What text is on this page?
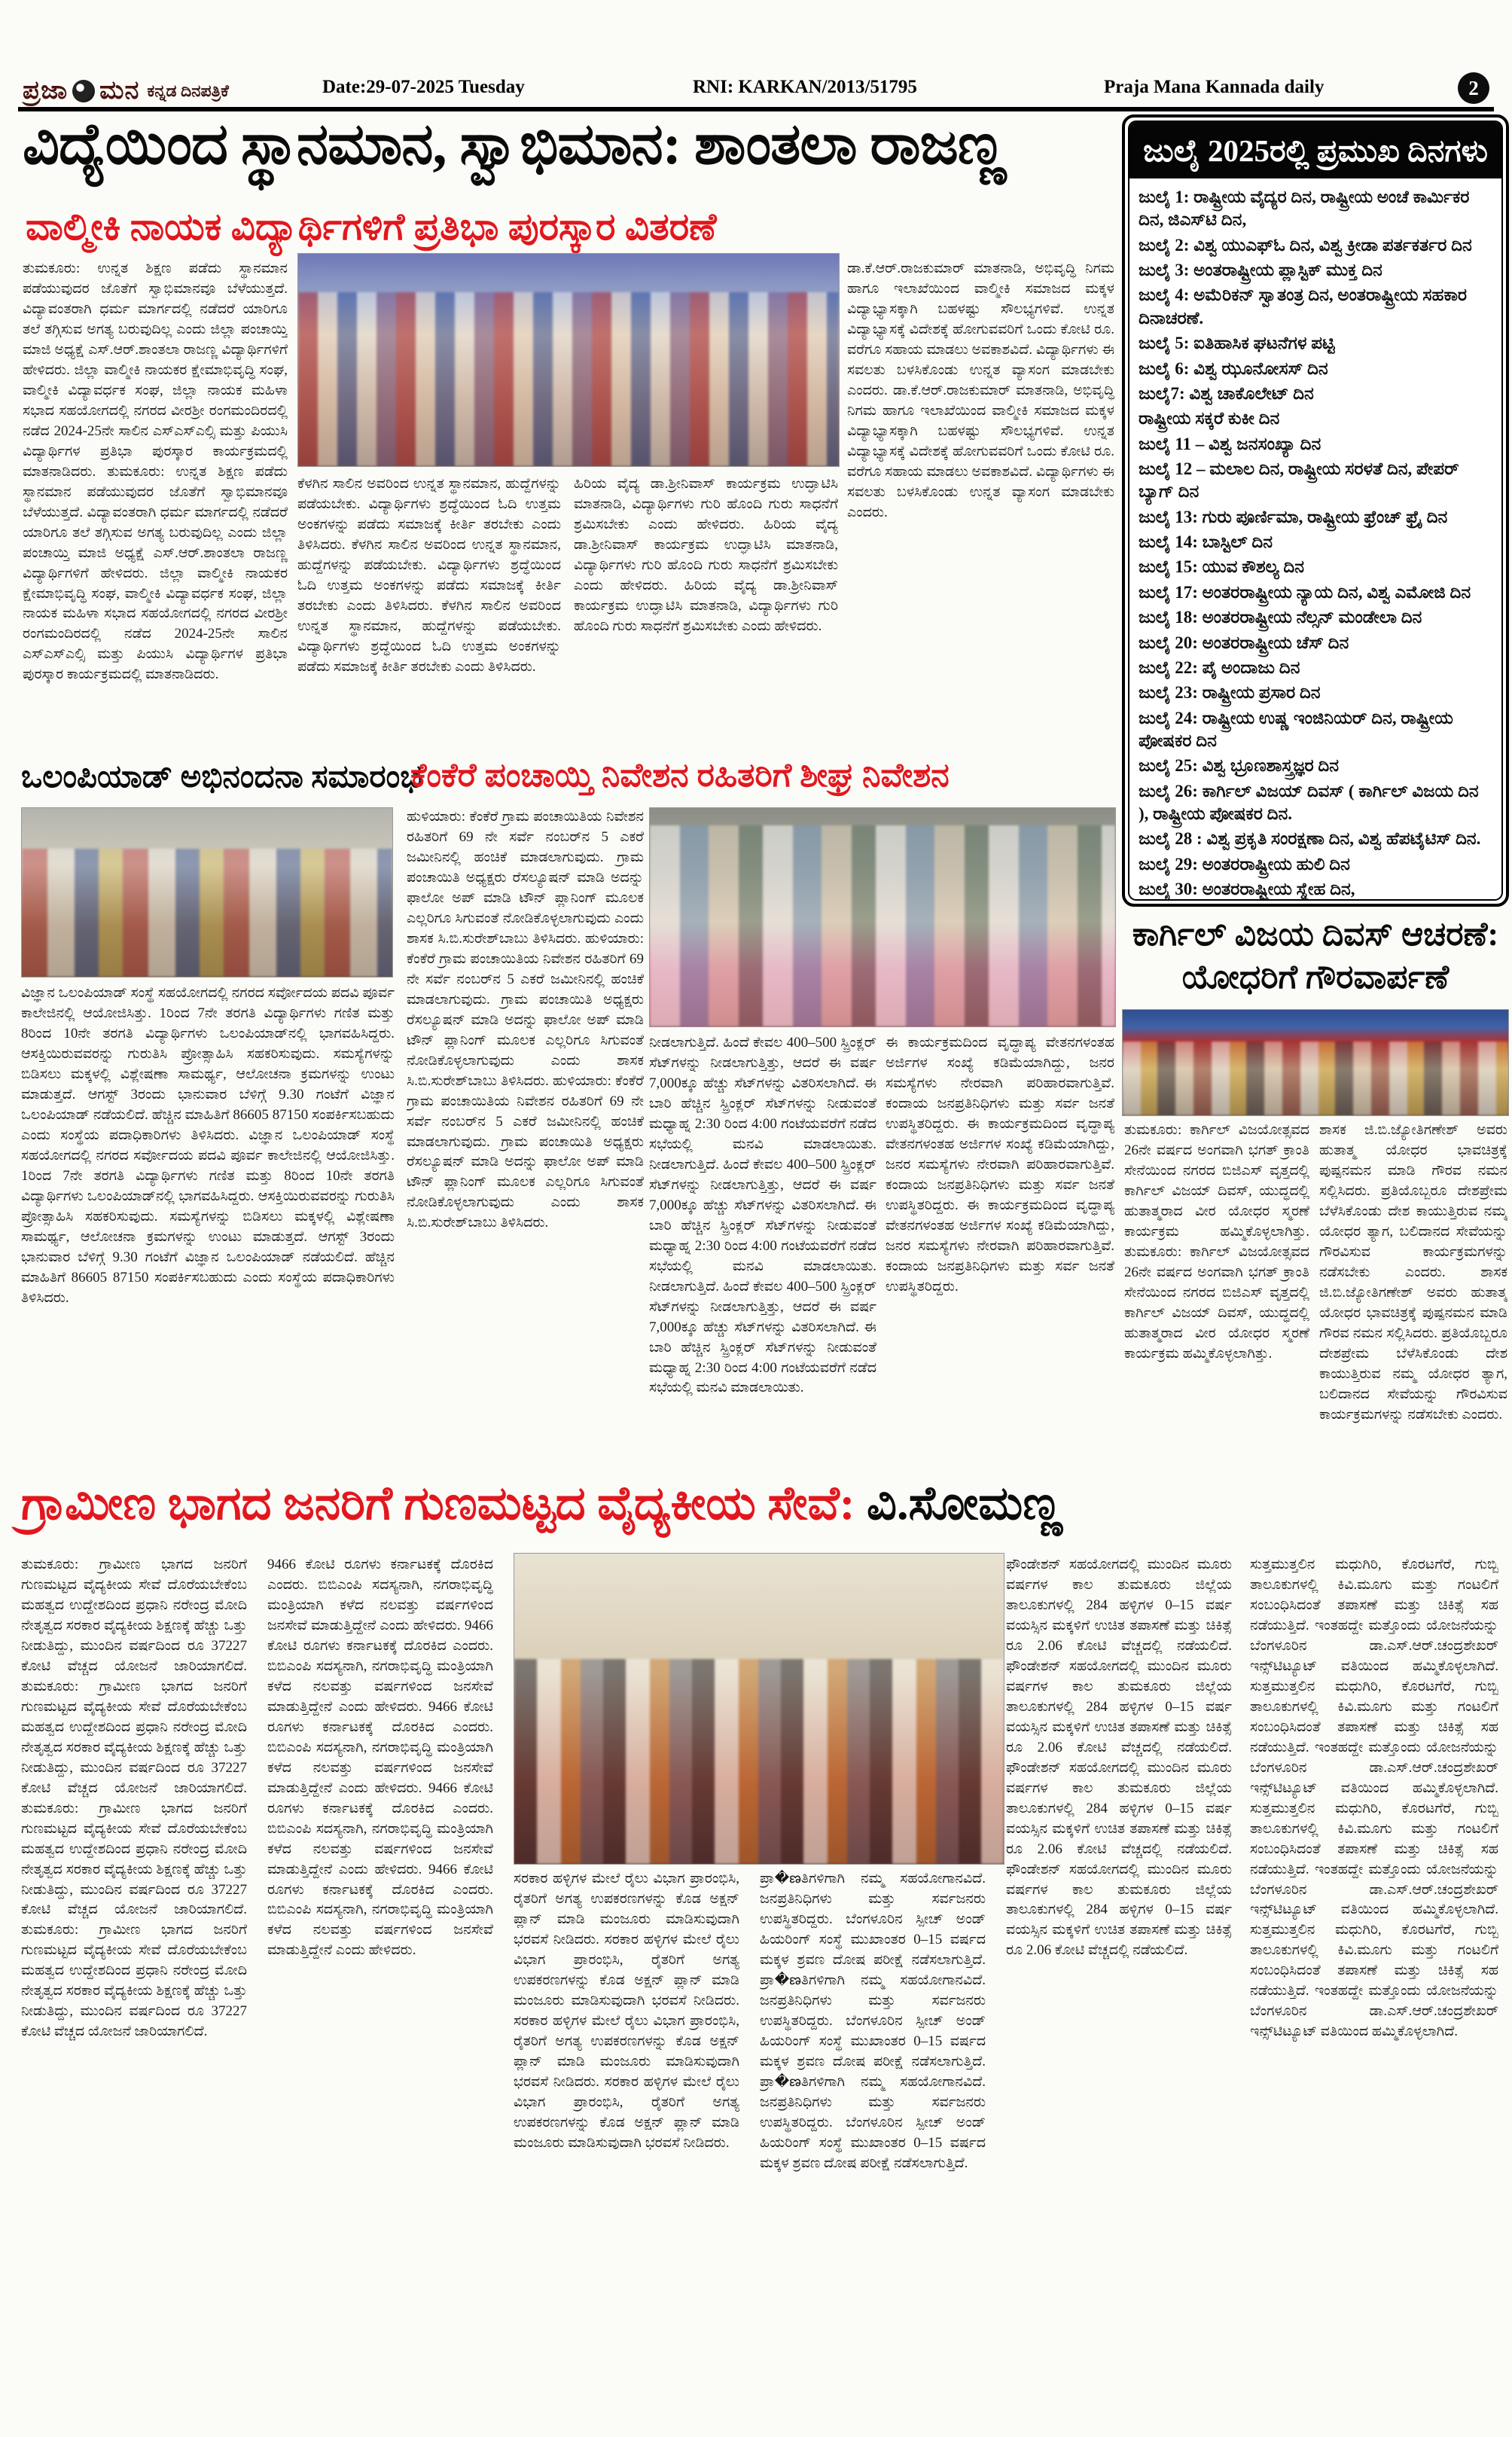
ಪ್ರಜಾ ಮನ ಕನ್ನಡ ದಿನಪತ್ರಿಕೆ	Date:29-07-2025 Tuesday	RNI: KARKAN/2013/51795	Praja Mana Kannada daily	2
ವಿದ್ಯೆಯಿಂದ ಸ್ಥಾನಮಾನ, ಸ್ವಾಭಿಮಾನ: ಶಾಂತಲಾ ರಾಜಣ್ಣ
ವಾಲ್ಮೀಕಿ ನಾಯಕ ವಿದ್ಯಾರ್ಥಿಗಳಿಗೆ ಪ್ರತಿಭಾ ಪುರಸ್ಕಾರ ವಿತರಣೆ
ತುಮಕೂರು: ಉನ್ನತ ಶಿಕ್ಷಣ ಪಡೆದು ಸ್ಥಾನಮಾನ ಪಡೆಯುವುದರ ಜೊತೆಗೆ ಸ್ವಾಭಿಮಾನವೂ ಬೆಳೆಯುತ್ತದೆ. ವಿದ್ಯಾವಂತರಾಗಿ ಧರ್ಮ ಮಾರ್ಗದಲ್ಲಿ ನಡೆದರೆ ಯಾರಿಗೂ ತಲೆ ತಗ್ಗಿಸುವ ಅಗತ್ಯ ಬರುವುದಿಲ್ಲ ಎಂದು ಜಿಲ್ಲಾ ಪಂಚಾಯ್ತಿ ಮಾಜಿ ಅಧ್ಯಕ್ಷೆ ಎಸ್.ಆರ್.ಶಾಂತಲಾ ರಾಜಣ್ಣ ವಿದ್ಯಾರ್ಥಿಗಳಿಗೆ ಹೇಳಿದರು. ಜಿಲ್ಲಾ ವಾಲ್ಮೀಕಿ ನಾಯಕರ ಕ್ಷೇಮಾಭಿವೃದ್ಧಿ ಸಂಘ, ವಾಲ್ಮೀಕಿ ವಿದ್ಯಾವರ್ಧಕ ಸಂಘ, ಜಿಲ್ಲಾ ನಾಯಕ ಮಹಿಳಾ ಸಭಾದ ಸಹಯೋಗದಲ್ಲಿ ನಗರದ ವೀರಶ್ರೀ ರಂಗಮಂದಿರದಲ್ಲಿ ನಡೆದ 2024-25ನೇ ಸಾಲಿನ ಎಸ್ಎಸ್ಎಲ್ಸಿ ಮತ್ತು ಪಿಯುಸಿ ವಿದ್ಯಾರ್ಥಿಗಳ ಪ್ರತಿಭಾ ಪುರಸ್ಕಾರ ಕಾರ್ಯಕ್ರಮದಲ್ಲಿ ಮಾತನಾಡಿದರು. ತುಮಕೂರು: ಉನ್ನತ ಶಿಕ್ಷಣ ಪಡೆದು ಸ್ಥಾನಮಾನ ಪಡೆಯುವುದರ ಜೊತೆಗೆ ಸ್ವಾಭಿಮಾನವೂ ಬೆಳೆಯುತ್ತದೆ. ವಿದ್ಯಾವಂತರಾಗಿ ಧರ್ಮ ಮಾರ್ಗದಲ್ಲಿ ನಡೆದರೆ ಯಾರಿಗೂ ತಲೆ ತಗ್ಗಿಸುವ ಅಗತ್ಯ ಬರುವುದಿಲ್ಲ ಎಂದು ಜಿಲ್ಲಾ ಪಂಚಾಯ್ತಿ ಮಾಜಿ ಅಧ್ಯಕ್ಷೆ ಎಸ್.ಆರ್.ಶಾಂತಲಾ ರಾಜಣ್ಣ ವಿದ್ಯಾರ್ಥಿಗಳಿಗೆ ಹೇಳಿದರು. ಜಿಲ್ಲಾ ವಾಲ್ಮೀಕಿ ನಾಯಕರ ಕ್ಷೇಮಾಭಿವೃದ್ಧಿ ಸಂಘ, ವಾಲ್ಮೀಕಿ ವಿದ್ಯಾವರ್ಧಕ ಸಂಘ, ಜಿಲ್ಲಾ ನಾಯಕ ಮಹಿಳಾ ಸಭಾದ ಸಹಯೋಗದಲ್ಲಿ ನಗರದ ವೀರಶ್ರೀ ರಂಗಮಂದಿರದಲ್ಲಿ ನಡೆದ 2024-25ನೇ ಸಾಲಿನ ಎಸ್ಎಸ್ಎಲ್ಸಿ ಮತ್ತು ಪಿಯುಸಿ ವಿದ್ಯಾರ್ಥಿಗಳ ಪ್ರತಿಭಾ ಪುರಸ್ಕಾರ ಕಾರ್ಯಕ್ರಮದಲ್ಲಿ ಮಾತನಾಡಿದರು.
ಕೆಳಗಿನ ಸಾಲಿನ ಅವರಿಂದ ಉನ್ನತ ಸ್ಥಾನಮಾನ, ಹುದ್ದೆಗಳನ್ನು ಪಡೆಯಬೇಕು. ವಿದ್ಯಾರ್ಥಿಗಳು ಶ್ರದ್ಧೆಯಿಂದ ಓದಿ ಉತ್ತಮ ಅಂಕಗಳನ್ನು ಪಡೆದು ಸಮಾಜಕ್ಕೆ ಕೀರ್ತಿ ತರಬೇಕು ಎಂದು ತಿಳಿಸಿದರು. ಕೆಳಗಿನ ಸಾಲಿನ ಅವರಿಂದ ಉನ್ನತ ಸ್ಥಾನಮಾನ, ಹುದ್ದೆಗಳನ್ನು ಪಡೆಯಬೇಕು. ವಿದ್ಯಾರ್ಥಿಗಳು ಶ್ರದ್ಧೆಯಿಂದ ಓದಿ ಉತ್ತಮ ಅಂಕಗಳನ್ನು ಪಡೆದು ಸಮಾಜಕ್ಕೆ ಕೀರ್ತಿ ತರಬೇಕು ಎಂದು ತಿಳಿಸಿದರು. ಕೆಳಗಿನ ಸಾಲಿನ ಅವರಿಂದ ಉನ್ನತ ಸ್ಥಾನಮಾನ, ಹುದ್ದೆಗಳನ್ನು ಪಡೆಯಬೇಕು. ವಿದ್ಯಾರ್ಥಿಗಳು ಶ್ರದ್ಧೆಯಿಂದ ಓದಿ ಉತ್ತಮ ಅಂಕಗಳನ್ನು ಪಡೆದು ಸಮಾಜಕ್ಕೆ ಕೀರ್ತಿ ತರಬೇಕು ಎಂದು ತಿಳಿಸಿದರು.
ಹಿರಿಯ ವೈದ್ಯ ಡಾ.ಶ್ರೀನಿವಾಸ್ ಕಾರ್ಯಕ್ರಮ ಉದ್ಘಾಟಿಸಿ ಮಾತನಾಡಿ, ವಿದ್ಯಾರ್ಥಿಗಳು ಗುರಿ ಹೊಂದಿ ಗುರು ಸಾಧನೆಗೆ ಶ್ರಮಿಸಬೇಕು ಎಂದು ಹೇಳಿದರು. ಹಿರಿಯ ವೈದ್ಯ ಡಾ.ಶ್ರೀನಿವಾಸ್ ಕಾರ್ಯಕ್ರಮ ಉದ್ಘಾಟಿಸಿ ಮಾತನಾಡಿ, ವಿದ್ಯಾರ್ಥಿಗಳು ಗುರಿ ಹೊಂದಿ ಗುರು ಸಾಧನೆಗೆ ಶ್ರಮಿಸಬೇಕು ಎಂದು ಹೇಳಿದರು. ಹಿರಿಯ ವೈದ್ಯ ಡಾ.ಶ್ರೀನಿವಾಸ್ ಕಾರ್ಯಕ್ರಮ ಉದ್ಘಾಟಿಸಿ ಮಾತನಾಡಿ, ವಿದ್ಯಾರ್ಥಿಗಳು ಗುರಿ ಹೊಂದಿ ಗುರು ಸಾಧನೆಗೆ ಶ್ರಮಿಸಬೇಕು ಎಂದು ಹೇಳಿದರು.
ಡಾ.ಕೆ.ಆರ್.ರಾಜಕುಮಾರ್ ಮಾತನಾಡಿ, ಅಭಿವೃದ್ಧಿ ನಿಗಮ ಹಾಗೂ ಇಲಾಖೆಯಿಂದ ವಾಲ್ಮೀಕಿ ಸಮಾಜದ ಮಕ್ಕಳ ವಿದ್ಯಾಭ್ಯಾಸಕ್ಕಾಗಿ ಬಹಳಷ್ಟು ಸೌಲಭ್ಯಗಳಿವೆ. ಉನ್ನತ ವಿದ್ಯಾಭ್ಯಾಸಕ್ಕೆ ವಿದೇಶಕ್ಕೆ ಹೋಗುವವರಿಗೆ ಒಂದು ಕೋಟಿ ರೂ. ವರೆಗೂ ಸಹಾಯ ಮಾಡಲು ಅವಕಾಶವಿದೆ. ವಿದ್ಯಾರ್ಥಿಗಳು ಈ ಸವಲತು ಬಳಸಿಕೊಂಡು ಉನ್ನತ ವ್ಯಾಸಂಗ ಮಾಡಬೇಕು ಎಂದರು. ಡಾ.ಕೆ.ಆರ್.ರಾಜಕುಮಾರ್ ಮಾತನಾಡಿ, ಅಭಿವೃದ್ಧಿ ನಿಗಮ ಹಾಗೂ ಇಲಾಖೆಯಿಂದ ವಾಲ್ಮೀಕಿ ಸಮಾಜದ ಮಕ್ಕಳ ವಿದ್ಯಾಭ್ಯಾಸಕ್ಕಾಗಿ ಬಹಳಷ್ಟು ಸೌಲಭ್ಯಗಳಿವೆ. ಉನ್ನತ ವಿದ್ಯಾಭ್ಯಾಸಕ್ಕೆ ವಿದೇಶಕ್ಕೆ ಹೋಗುವವರಿಗೆ ಒಂದು ಕೋಟಿ ರೂ. ವರೆಗೂ ಸಹಾಯ ಮಾಡಲು ಅವಕಾಶವಿದೆ. ವಿದ್ಯಾರ್ಥಿಗಳು ಈ ಸವಲತು ಬಳಸಿಕೊಂಡು ಉನ್ನತ ವ್ಯಾಸಂಗ ಮಾಡಬೇಕು ಎಂದರು.
ಜುಲೈ 2025ರಲ್ಲಿ ಪ್ರಮುಖ ದಿನಗಳು
ಜುಲೈ 1: ರಾಷ್ಟ್ರೀಯ ವೈದ್ಯರ ದಿನ, ರಾಷ್ಟ್ರೀಯ ಅಂಚೆ ಕಾರ್ಮಿಕರ ದಿನ, ಜಿಎಸ್‌ಟಿ ದಿನ,
ಜುಲೈ 2: ವಿಶ್ವ ಯುಎಫ್ಓ ದಿನ, ವಿಶ್ವ ಕ್ರೀಡಾ ಪರ್ತಕರ್ತರ ದಿನ
ಜುಲೈ 3: ಅಂತರಾಷ್ಟ್ರೀಯ ಪ್ಲಾಸ್ಟಿಕ್ ಮುಕ್ತ ದಿನ
ಜುಲೈ 4: ಅಮೆರಿಕನ್ ಸ್ವಾತಂತ್ರ ದಿನ, ಅಂತರಾಷ್ಟ್ರೀಯ ಸಹಕಾರ ದಿನಾಚರಣೆ.
ಜುಲೈ 5: ಐತಿಹಾಸಿಕ ಘಟನೆಗಳ ಪಟ್ಟಿ
ಜುಲೈ 6: ವಿಶ್ವ ಝೂನೋಸಸ್ ದಿನ
ಜುಲೈ7: ವಿಶ್ವ ಚಾಕೊಲೇಟ್ ದಿನ
ರಾಷ್ಟ್ರೀಯ ಸಕ್ಕರೆ ಕುಕೀ ದಿನ
ಜುಲೈ 11 – ವಿಶ್ವ ಜನಸಂಖ್ಯಾ ದಿನ
ಜುಲೈ 12 – ಮಲಾಲ ದಿನ, ರಾಷ್ಟ್ರೀಯ ಸರಳತೆ ದಿನ, ಪೇಪರ್ ಬ್ಯಾಗ್ ದಿನ
ಜುಲೈ 13: ಗುರು ಪೂರ್ಣಿಮಾ, ರಾಷ್ಟ್ರೀಯ ಫ್ರೆಂಚ್ ಫ್ರೈ ದಿನ
ಜುಲೈ 14: ಬಾಸ್ಟಿಲ್ ದಿನ
ಜುಲೈ 15: ಯುವ ಕೌಶಲ್ಯ ದಿನ
ಜುಲೈ 17: ಅಂತರರಾಷ್ಟ್ರೀಯ ನ್ಯಾಯ ದಿನ, ವಿಶ್ವ ಎಮೋಜಿ ದಿನ
ಜುಲೈ 18: ಅಂತರರಾಷ್ಟ್ರೀಯ ನೆಲ್ಸನ್ ಮಂಡೇಲಾ ದಿನ
ಜುಲೈ 20: ಅಂತರರಾಷ್ಟ್ರೀಯ ಚೆಸ್ ದಿನ
ಜುಲೈ 22: ಪೈ ಅಂದಾಜು ದಿನ
ಜುಲೈ 23: ರಾಷ್ಟ್ರೀಯ ಪ್ರಸಾರ ದಿನ
ಜುಲೈ 24: ರಾಷ್ಟ್ರೀಯ ಉಷ್ಣ ಇಂಜಿನಿಯರ್ ದಿನ, ರಾಷ್ಟ್ರೀಯ ಪೋಷಕರ ದಿನ
ಜುಲೈ 25: ವಿಶ್ವ ಭ್ರೂಣಶಾಸ್ತ್ರಜ್ಞರ ದಿನ
ಜುಲೈ 26: ಕಾರ್ಗಿಲ್ ವಿಜಯ್ ದಿವಸ್ ( ಕಾರ್ಗಿಲ್ ವಿಜಯ ದಿನ ), ರಾಷ್ಟ್ರೀಯ ಪೋಷಕರ ದಿನ.
ಜುಲೈ 28 : ವಿಶ್ವ ಪ್ರಕೃತಿ ಸಂರಕ್ಷಣಾ ದಿನ, ವಿಶ್ವ ಹೆಪಟೈಟಿಸ್ ದಿನ.
ಜುಲೈ 29: ಅಂತರರಾಷ್ಟ್ರೀಯ ಹುಲಿ ದಿನ
ಜುಲೈ 30: ಅಂತರರಾಷ್ಟ್ರೀಯ ಸ್ನೇಹ ದಿನ,
ಒಲಂಪಿಯಾಡ್ ಅಭಿನಂದನಾ ಸಮಾರಂಭ
ವಿಜ್ಞಾನ ಒಲಂಪಿಯಾಡ್ ಸಂಸ್ಥೆ ಸಹಯೋಗದಲ್ಲಿ ನಗರದ ಸರ್ವೋದಯ ಪದವಿ ಪೂರ್ವ ಕಾಲೇಜಿನಲ್ಲಿ ಆಯೋಜಿಸಿತ್ತು. 1ರಿಂದ 7ನೇ ತರಗತಿ ವಿದ್ಯಾರ್ಥಿಗಳು ಗಣಿತ ಮತ್ತು 8ರಿಂದ 10ನೇ ತರಗತಿ ವಿದ್ಯಾರ್ಥಿಗಳು ಒಲಂಪಿಯಾಡ್‌ನಲ್ಲಿ ಭಾಗವಹಿಸಿದ್ದರು. ಆಸಕ್ತಿಯಿರುವವರನ್ನು ಗುರುತಿಸಿ ಪ್ರೋತ್ಸಾಹಿಸಿ ಸಹಕರಿಸುವುದು. ಸಮಸ್ಯೆಗಳನ್ನು ಬಿಡಿಸಲು ಮಕ್ಕಳಲ್ಲಿ ವಿಶ್ಲೇಷಣಾ ಸಾಮರ್ಥ್ಯ, ಆಲೋಚನಾ ಕ್ರಮಗಳನ್ನು ಉಂಟು ಮಾಡುತ್ತದೆ. ಆಗಸ್ಟ್ 3ರಂದು ಭಾನುವಾರ ಬೆಳಿಗ್ಗೆ 9.30 ಗಂಟೆಗೆ ವಿಜ್ಞಾನ ಒಲಂಪಿಯಾಡ್ ನಡೆಯಲಿದೆ. ಹೆಚ್ಚಿನ ಮಾಹಿತಿಗೆ 86605 87150 ಸಂಪರ್ಕಿಸಬಹುದು ಎಂದು ಸಂಸ್ಥೆಯ ಪದಾಧಿಕಾರಿಗಳು ತಿಳಿಸಿದರು. ವಿಜ್ಞಾನ ಒಲಂಪಿಯಾಡ್ ಸಂಸ್ಥೆ ಸಹಯೋಗದಲ್ಲಿ ನಗರದ ಸರ್ವೋದಯ ಪದವಿ ಪೂರ್ವ ಕಾಲೇಜಿನಲ್ಲಿ ಆಯೋಜಿಸಿತ್ತು. 1ರಿಂದ 7ನೇ ತರಗತಿ ವಿದ್ಯಾರ್ಥಿಗಳು ಗಣಿತ ಮತ್ತು 8ರಿಂದ 10ನೇ ತರಗತಿ ವಿದ್ಯಾರ್ಥಿಗಳು ಒಲಂಪಿಯಾಡ್‌ನಲ್ಲಿ ಭಾಗವಹಿಸಿದ್ದರು. ಆಸಕ್ತಿಯಿರುವವರನ್ನು ಗುರುತಿಸಿ ಪ್ರೋತ್ಸಾಹಿಸಿ ಸಹಕರಿಸುವುದು. ಸಮಸ್ಯೆಗಳನ್ನು ಬಿಡಿಸಲು ಮಕ್ಕಳಲ್ಲಿ ವಿಶ್ಲೇಷಣಾ ಸಾಮರ್ಥ್ಯ, ಆಲೋಚನಾ ಕ್ರಮಗಳನ್ನು ಉಂಟು ಮಾಡುತ್ತದೆ. ಆಗಸ್ಟ್ 3ರಂದು ಭಾನುವಾರ ಬೆಳಿಗ್ಗೆ 9.30 ಗಂಟೆಗೆ ವಿಜ್ಞಾನ ಒಲಂಪಿಯಾಡ್ ನಡೆಯಲಿದೆ. ಹೆಚ್ಚಿನ ಮಾಹಿತಿಗೆ 86605 87150 ಸಂಪರ್ಕಿಸಬಹುದು ಎಂದು ಸಂಸ್ಥೆಯ ಪದಾಧಿಕಾರಿಗಳು ತಿಳಿಸಿದರು.
ಕೆಂಕೆರೆ ಪಂಚಾಯ್ತಿ ನಿವೇಶನ ರಹಿತರಿಗೆ ಶೀಘ್ರ ನಿವೇಶನ
ಹುಳಿಯಾರು: ಕೆಂಕೆರೆ ಗ್ರಾಮ ಪಂಚಾಯಿತಿಯ ನಿವೇಶನ ರಹಿತರಿಗೆ 69 ನೇ ಸರ್ವೆ ನಂಬರ್‌ನ 5 ಎಕರೆ ಜಮೀನಿನಲ್ಲಿ ಹಂಚಿಕೆ ಮಾಡಲಾಗುವುದು. ಗ್ರಾಮ ಪಂಚಾಯಿತಿ ಅಧ್ಯಕ್ಷರು ರೆಸಲ್ಯೂಷನ್ ಮಾಡಿ ಅದನ್ನು ಫಾಲೋ ಅಪ್ ಮಾಡಿ ಟೌನ್ ಪ್ಲಾನಿಂಗ್ ಮೂಲಕ ಎಲ್ಲರಿಗೂ ಸಿಗುವಂತೆ ನೋಡಿಕೊಳ್ಳಲಾಗುವುದು ಎಂದು ಶಾಸಕ ಸಿ.ಬಿ.ಸುರೇಶ್‌ಬಾಬು ತಿಳಿಸಿದರು. ಹುಳಿಯಾರು: ಕೆಂಕೆರೆ ಗ್ರಾಮ ಪಂಚಾಯಿತಿಯ ನಿವೇಶನ ರಹಿತರಿಗೆ 69 ನೇ ಸರ್ವೆ ನಂಬರ್‌ನ 5 ಎಕರೆ ಜಮೀನಿನಲ್ಲಿ ಹಂಚಿಕೆ ಮಾಡಲಾಗುವುದು. ಗ್ರಾಮ ಪಂಚಾಯಿತಿ ಅಧ್ಯಕ್ಷರು ರೆಸಲ್ಯೂಷನ್ ಮಾಡಿ ಅದನ್ನು ಫಾಲೋ ಅಪ್ ಮಾಡಿ ಟೌನ್ ಪ್ಲಾನಿಂಗ್ ಮೂಲಕ ಎಲ್ಲರಿಗೂ ಸಿಗುವಂತೆ ನೋಡಿಕೊಳ್ಳಲಾಗುವುದು ಎಂದು ಶಾಸಕ ಸಿ.ಬಿ.ಸುರೇಶ್‌ಬಾಬು ತಿಳಿಸಿದರು. ಹುಳಿಯಾರು: ಕೆಂಕೆರೆ ಗ್ರಾಮ ಪಂಚಾಯಿತಿಯ ನಿವೇಶನ ರಹಿತರಿಗೆ 69 ನೇ ಸರ್ವೆ ನಂಬರ್‌ನ 5 ಎಕರೆ ಜಮೀನಿನಲ್ಲಿ ಹಂಚಿಕೆ ಮಾಡಲಾಗುವುದು. ಗ್ರಾಮ ಪಂಚಾಯಿತಿ ಅಧ್ಯಕ್ಷರು ರೆಸಲ್ಯೂಷನ್ ಮಾಡಿ ಅದನ್ನು ಫಾಲೋ ಅಪ್ ಮಾಡಿ ಟೌನ್ ಪ್ಲಾನಿಂಗ್ ಮೂಲಕ ಎಲ್ಲರಿಗೂ ಸಿಗುವಂತೆ ನೋಡಿಕೊಳ್ಳಲಾಗುವುದು ಎಂದು ಶಾಸಕ ಸಿ.ಬಿ.ಸುರೇಶ್‌ಬಾಬು ತಿಳಿಸಿದರು.
ನೀಡಲಾಗುತ್ತಿದೆ. ಹಿಂದೆ ಕೇವಲ 400–500 ಸ್ಪ್ರಿಂಕ್ಲರ್ ಸೆಟ್‌ಗಳನ್ನು ನೀಡಲಾಗುತ್ತಿತ್ತು, ಆದರೆ ಈ ವರ್ಷ 7,000ಕ್ಕೂ ಹೆಚ್ಚು ಸೆಟ್‌ಗಳನ್ನು ವಿತರಿಸಲಾಗಿದೆ. ಈ ಬಾರಿ ಹೆಚ್ಚಿನ ಸ್ಪ್ರಿಂಕ್ಲರ್ ಸೆಟ್‌ಗಳನ್ನು ನೀಡುವಂತೆ ಮಧ್ಯಾಹ್ನ 2:30 ರಿಂದ 4:00 ಗಂಟೆಯವರೆಗೆ ನಡೆದ ಸಭೆಯಲ್ಲಿ ಮನವಿ ಮಾಡಲಾಯಿತು. ನೀಡಲಾಗುತ್ತಿದೆ. ಹಿಂದೆ ಕೇವಲ 400–500 ಸ್ಪ್ರಿಂಕ್ಲರ್ ಸೆಟ್‌ಗಳನ್ನು ನೀಡಲಾಗುತ್ತಿತ್ತು, ಆದರೆ ಈ ವರ್ಷ 7,000ಕ್ಕೂ ಹೆಚ್ಚು ಸೆಟ್‌ಗಳನ್ನು ವಿತರಿಸಲಾಗಿದೆ. ಈ ಬಾರಿ ಹೆಚ್ಚಿನ ಸ್ಪ್ರಿಂಕ್ಲರ್ ಸೆಟ್‌ಗಳನ್ನು ನೀಡುವಂತೆ ಮಧ್ಯಾಹ್ನ 2:30 ರಿಂದ 4:00 ಗಂಟೆಯವರೆಗೆ ನಡೆದ ಸಭೆಯಲ್ಲಿ ಮನವಿ ಮಾಡಲಾಯಿತು. ನೀಡಲಾಗುತ್ತಿದೆ. ಹಿಂದೆ ಕೇವಲ 400–500 ಸ್ಪ್ರಿಂಕ್ಲರ್ ಸೆಟ್‌ಗಳನ್ನು ನೀಡಲಾಗುತ್ತಿತ್ತು, ಆದರೆ ಈ ವರ್ಷ 7,000ಕ್ಕೂ ಹೆಚ್ಚು ಸೆಟ್‌ಗಳನ್ನು ವಿತರಿಸಲಾಗಿದೆ. ಈ ಬಾರಿ ಹೆಚ್ಚಿನ ಸ್ಪ್ರಿಂಕ್ಲರ್ ಸೆಟ್‌ಗಳನ್ನು ನೀಡುವಂತೆ ಮಧ್ಯಾಹ್ನ 2:30 ರಿಂದ 4:00 ಗಂಟೆಯವರೆಗೆ ನಡೆದ ಸಭೆಯಲ್ಲಿ ಮನವಿ ಮಾಡಲಾಯಿತು.
ಈ ಕಾರ್ಯಕ್ರಮದಿಂದ ವೃದ್ಧಾಪ್ಯ ವೇತನಗಳಂತಹ ಅರ್ಜಿಗಳ ಸಂಖ್ಯೆ ಕಡಿಮೆಯಾಗಿದ್ದು, ಜನರ ಸಮಸ್ಯೆಗಳು ನೇರವಾಗಿ ಪರಿಹಾರವಾಗುತ್ತಿವೆ. ಕಂದಾಯ ಜನಪ್ರತಿನಿಧಿಗಳು ಮತ್ತು ಸರ್ವ ಜನತೆ ಉಪಸ್ಥಿತರಿದ್ದರು. ಈ ಕಾರ್ಯಕ್ರಮದಿಂದ ವೃದ್ಧಾಪ್ಯ ವೇತನಗಳಂತಹ ಅರ್ಜಿಗಳ ಸಂಖ್ಯೆ ಕಡಿಮೆಯಾಗಿದ್ದು, ಜನರ ಸಮಸ್ಯೆಗಳು ನೇರವಾಗಿ ಪರಿಹಾರವಾಗುತ್ತಿವೆ. ಕಂದಾಯ ಜನಪ್ರತಿನಿಧಿಗಳು ಮತ್ತು ಸರ್ವ ಜನತೆ ಉಪಸ್ಥಿತರಿದ್ದರು. ಈ ಕಾರ್ಯಕ್ರಮದಿಂದ ವೃದ್ಧಾಪ್ಯ ವೇತನಗಳಂತಹ ಅರ್ಜಿಗಳ ಸಂಖ್ಯೆ ಕಡಿಮೆಯಾಗಿದ್ದು, ಜನರ ಸಮಸ್ಯೆಗಳು ನೇರವಾಗಿ ಪರಿಹಾರವಾಗುತ್ತಿವೆ. ಕಂದಾಯ ಜನಪ್ರತಿನಿಧಿಗಳು ಮತ್ತು ಸರ್ವ ಜನತೆ ಉಪಸ್ಥಿತರಿದ್ದರು.
ಕಾರ್ಗಿಲ್ ವಿಜಯ ದಿವಸ್ ಆಚರಣೆ:
ಯೋಧರಿಗೆ ಗೌರವಾರ್ಪಣೆ
ತುಮಕೂರು: ಕಾರ್ಗಿಲ್ ವಿಜಯೋತ್ಸವದ 26ನೇ ವರ್ಷದ ಅಂಗವಾಗಿ ಭಗತ್ ಕ್ರಾಂತಿ ಸೇನೆಯಿಂದ ನಗರದ ಬಿಜಿಎಸ್ ವೃತ್ತದಲ್ಲಿ ಕಾರ್ಗಿಲ್ ವಿಜಯ್ ದಿವಸ್, ಯುದ್ಧದಲ್ಲಿ ಹುತಾತ್ಮರಾದ ವೀರ ಯೋಧರ ಸ್ಮರಣೆ ಕಾರ್ಯಕ್ರಮ ಹಮ್ಮಿಕೊಳ್ಳಲಾಗಿತ್ತು. ತುಮಕೂರು: ಕಾರ್ಗಿಲ್ ವಿಜಯೋತ್ಸವದ 26ನೇ ವರ್ಷದ ಅಂಗವಾಗಿ ಭಗತ್ ಕ್ರಾಂತಿ ಸೇನೆಯಿಂದ ನಗರದ ಬಿಜಿಎಸ್ ವೃತ್ತದಲ್ಲಿ ಕಾರ್ಗಿಲ್ ವಿಜಯ್ ದಿವಸ್, ಯುದ್ಧದಲ್ಲಿ ಹುತಾತ್ಮರಾದ ವೀರ ಯೋಧರ ಸ್ಮರಣೆ ಕಾರ್ಯಕ್ರಮ ಹಮ್ಮಿಕೊಳ್ಳಲಾಗಿತ್ತು.
ಶಾಸಕ ಜಿ.ಬಿ.ಜ್ಯೋತಿಗಣೇಶ್ ಅವರು ಹುತಾತ್ಮ ಯೋಧರ ಭಾವಚಿತ್ರಕ್ಕೆ ಪುಷ್ಪನಮನ ಮಾಡಿ ಗೌರವ ನಮನ ಸಲ್ಲಿಸಿದರು. ಪ್ರತಿಯೊಬ್ಬರೂ ದೇಶಪ್ರೇಮ ಬೆಳೆಸಿಕೊಂಡು ದೇಶ ಕಾಯುತ್ತಿರುವ ನಮ್ಮ ಯೋಧರ ತ್ಯಾಗ, ಬಲಿದಾನದ ಸೇವೆಯನ್ನು ಗೌರವಿಸುವ ಕಾರ್ಯಕ್ರಮಗಳನ್ನು ನಡೆಸಬೇಕು ಎಂದರು. ಶಾಸಕ ಜಿ.ಬಿ.ಜ್ಯೋತಿಗಣೇಶ್ ಅವರು ಹುತಾತ್ಮ ಯೋಧರ ಭಾವಚಿತ್ರಕ್ಕೆ ಪುಷ್ಪನಮನ ಮಾಡಿ ಗೌರವ ನಮನ ಸಲ್ಲಿಸಿದರು. ಪ್ರತಿಯೊಬ್ಬರೂ ದೇಶಪ್ರೇಮ ಬೆಳೆಸಿಕೊಂಡು ದೇಶ ಕಾಯುತ್ತಿರುವ ನಮ್ಮ ಯೋಧರ ತ್ಯಾಗ, ಬಲಿದಾನದ ಸೇವೆಯನ್ನು ಗೌರವಿಸುವ ಕಾರ್ಯಕ್ರಮಗಳನ್ನು ನಡೆಸಬೇಕು ಎಂದರು.
ಗ್ರಾಮೀಣ ಭಾಗದ ಜನರಿಗೆ ಗುಣಮಟ್ಟದ ವೈದ್ಯಕೀಯ ಸೇವೆ: ವಿ.ಸೋಮಣ್ಣ
ತುಮಕೂರು: ಗ್ರಾಮೀಣ ಭಾಗದ ಜನರಿಗೆ ಗುಣಮಟ್ಟದ ವೈದ್ಯಕೀಯ ಸೇವೆ ದೊರೆಯಬೇಕೆಂಬ ಮಹತ್ವದ ಉದ್ದೇಶದಿಂದ ಪ್ರಧಾನಿ ನರೇಂದ್ರ ಮೋದಿ ನೇತೃತ್ವದ ಸರಕಾರ ವೈದ್ಯಕೀಯ ಶಿಕ್ಷಣಕ್ಕೆ ಹೆಚ್ಚು ಒತ್ತು ನೀಡುತಿದ್ದು, ಮುಂದಿನ ವರ್ಷದಿಂದ ರೂ 37227 ಕೋಟಿ ವೆಚ್ಚದ ಯೋಜನೆ ಜಾರಿಯಾಗಲಿದೆ. ತುಮಕೂರು: ಗ್ರಾಮೀಣ ಭಾಗದ ಜನರಿಗೆ ಗುಣಮಟ್ಟದ ವೈದ್ಯಕೀಯ ಸೇವೆ ದೊರೆಯಬೇಕೆಂಬ ಮಹತ್ವದ ಉದ್ದೇಶದಿಂದ ಪ್ರಧಾನಿ ನರೇಂದ್ರ ಮೋದಿ ನೇತೃತ್ವದ ಸರಕಾರ ವೈದ್ಯಕೀಯ ಶಿಕ್ಷಣಕ್ಕೆ ಹೆಚ್ಚು ಒತ್ತು ನೀಡುತಿದ್ದು, ಮುಂದಿನ ವರ್ಷದಿಂದ ರೂ 37227 ಕೋಟಿ ವೆಚ್ಚದ ಯೋಜನೆ ಜಾರಿಯಾಗಲಿದೆ. ತುಮಕೂರು: ಗ್ರಾಮೀಣ ಭಾಗದ ಜನರಿಗೆ ಗುಣಮಟ್ಟದ ವೈದ್ಯಕೀಯ ಸೇವೆ ದೊರೆಯಬೇಕೆಂಬ ಮಹತ್ವದ ಉದ್ದೇಶದಿಂದ ಪ್ರಧಾನಿ ನರೇಂದ್ರ ಮೋದಿ ನೇತೃತ್ವದ ಸರಕಾರ ವೈದ್ಯಕೀಯ ಶಿಕ್ಷಣಕ್ಕೆ ಹೆಚ್ಚು ಒತ್ತು ನೀಡುತಿದ್ದು, ಮುಂದಿನ ವರ್ಷದಿಂದ ರೂ 37227 ಕೋಟಿ ವೆಚ್ಚದ ಯೋಜನೆ ಜಾರಿಯಾಗಲಿದೆ. ತುಮಕೂರು: ಗ್ರಾಮೀಣ ಭಾಗದ ಜನರಿಗೆ ಗುಣಮಟ್ಟದ ವೈದ್ಯಕೀಯ ಸೇವೆ ದೊರೆಯಬೇಕೆಂಬ ಮಹತ್ವದ ಉದ್ದೇಶದಿಂದ ಪ್ರಧಾನಿ ನರೇಂದ್ರ ಮೋದಿ ನೇತೃತ್ವದ ಸರಕಾರ ವೈದ್ಯಕೀಯ ಶಿಕ್ಷಣಕ್ಕೆ ಹೆಚ್ಚು ಒತ್ತು ನೀಡುತಿದ್ದು, ಮುಂದಿನ ವರ್ಷದಿಂದ ರೂ 37227 ಕೋಟಿ ವೆಚ್ಚದ ಯೋಜನೆ ಜಾರಿಯಾಗಲಿದೆ.
9466 ಕೋಟಿ ರೂಗಳು ಕರ್ನಾಟಕಕ್ಕೆ ದೊರಕಿದ ಎಂದರು. ಬಿಬಿಎಂಪಿ ಸದಸ್ಯನಾಗಿ, ನಗರಾಭಿವೃದ್ಧಿ ಮಂತ್ರಿಯಾಗಿ ಕಳೆದ ನಲವತ್ತು ವರ್ಷಗಳಿಂದ ಜನಸೇವೆ ಮಾಡುತ್ತಿದ್ದೇನೆ ಎಂದು ಹೇಳಿದರು. 9466 ಕೋಟಿ ರೂಗಳು ಕರ್ನಾಟಕಕ್ಕೆ ದೊರಕಿದ ಎಂದರು. ಬಿಬಿಎಂಪಿ ಸದಸ್ಯನಾಗಿ, ನಗರಾಭಿವೃದ್ಧಿ ಮಂತ್ರಿಯಾಗಿ ಕಳೆದ ನಲವತ್ತು ವರ್ಷಗಳಿಂದ ಜನಸೇವೆ ಮಾಡುತ್ತಿದ್ದೇನೆ ಎಂದು ಹೇಳಿದರು. 9466 ಕೋಟಿ ರೂಗಳು ಕರ್ನಾಟಕಕ್ಕೆ ದೊರಕಿದ ಎಂದರು. ಬಿಬಿಎಂಪಿ ಸದಸ್ಯನಾಗಿ, ನಗರಾಭಿವೃದ್ಧಿ ಮಂತ್ರಿಯಾಗಿ ಕಳೆದ ನಲವತ್ತು ವರ್ಷಗಳಿಂದ ಜನಸೇವೆ ಮಾಡುತ್ತಿದ್ದೇನೆ ಎಂದು ಹೇಳಿದರು. 9466 ಕೋಟಿ ರೂಗಳು ಕರ್ನಾಟಕಕ್ಕೆ ದೊರಕಿದ ಎಂದರು. ಬಿಬಿಎಂಪಿ ಸದಸ್ಯನಾಗಿ, ನಗರಾಭಿವೃದ್ಧಿ ಮಂತ್ರಿಯಾಗಿ ಕಳೆದ ನಲವತ್ತು ವರ್ಷಗಳಿಂದ ಜನಸೇವೆ ಮಾಡುತ್ತಿದ್ದೇನೆ ಎಂದು ಹೇಳಿದರು. 9466 ಕೋಟಿ ರೂಗಳು ಕರ್ನಾಟಕಕ್ಕೆ ದೊರಕಿದ ಎಂದರು. ಬಿಬಿಎಂಪಿ ಸದಸ್ಯನಾಗಿ, ನಗರಾಭಿವೃದ್ಧಿ ಮಂತ್ರಿಯಾಗಿ ಕಳೆದ ನಲವತ್ತು ವರ್ಷಗಳಿಂದ ಜನಸೇವೆ ಮಾಡುತ್ತಿದ್ದೇನೆ ಎಂದು ಹೇಳಿದರು.
ಸರಕಾರ ಹಳ್ಳಿಗಳ ಮೇಲೆ ರೈಲು ವಿಭಾಗ ಪ್ರಾರಂಭಿಸಿ, ರೈತರಿಗೆ ಅಗತ್ಯ ಉಪಕರಣಗಳನ್ನು ಕೊಡ ಅಕ್ಷನ್ ಪ್ಲಾನ್ ಮಾಡಿ ಮಂಜೂರು ಮಾಡಿಸುವುದಾಗಿ ಭರವಸೆ ನೀಡಿದರು. ಸರಕಾರ ಹಳ್ಳಿಗಳ ಮೇಲೆ ರೈಲು ವಿಭಾಗ ಪ್ರಾರಂಭಿಸಿ, ರೈತರಿಗೆ ಅಗತ್ಯ ಉಪಕರಣಗಳನ್ನು ಕೊಡ ಅಕ್ಷನ್ ಪ್ಲಾನ್ ಮಾಡಿ ಮಂಜೂರು ಮಾಡಿಸುವುದಾಗಿ ಭರವಸೆ ನೀಡಿದರು. ಸರಕಾರ ಹಳ್ಳಿಗಳ ಮೇಲೆ ರೈಲು ವಿಭಾಗ ಪ್ರಾರಂಭಿಸಿ, ರೈತರಿಗೆ ಅಗತ್ಯ ಉಪಕರಣಗಳನ್ನು ಕೊಡ ಅಕ್ಷನ್ ಪ್ಲಾನ್ ಮಾಡಿ ಮಂಜೂರು ಮಾಡಿಸುವುದಾಗಿ ಭರವಸೆ ನೀಡಿದರು. ಸರಕಾರ ಹಳ್ಳಿಗಳ ಮೇಲೆ ರೈಲು ವಿಭಾಗ ಪ್ರಾರಂಭಿಸಿ, ರೈತರಿಗೆ ಅಗತ್ಯ ಉಪಕರಣಗಳನ್ನು ಕೊಡ ಅಕ್ಷನ್ ಪ್ಲಾನ್ ಮಾಡಿ ಮಂಜೂರು ಮಾಡಿಸುವುದಾಗಿ ಭರವಸೆ ನೀಡಿದರು.
ಪ್ರಾ�ణತಿಗಳಿಗಾಗಿ ನಮ್ಮ ಸಹಯೋಗಾನವಿದೆ. ಜನಪ್ರತಿನಿಧಿಗಳು ಮತ್ತು ಸರ್ವಜನರು ಉಪಸ್ಥಿತರಿದ್ದರು. ಬೆಂಗಳೂರಿನ ಸ್ಪೀಚ್ ಅಂಡ್ ಹಿಯರಿಂಗ್ ಸಂಸ್ಥೆ ಮುಖಾಂತರ 0–15 ವರ್ಷದ ಮಕ್ಕಳ ಶ್ರವಣ ದೋಷ ಪರೀಕ್ಷೆ ನಡೆಸಲಾಗುತ್ತಿದೆ. ಪ್ರಾ�ణತಿಗಳಿಗಾಗಿ ನಮ್ಮ ಸಹಯೋಗಾನವಿದೆ. ಜನಪ್ರತಿನಿಧಿಗಳು ಮತ್ತು ಸರ್ವಜನರು ಉಪಸ್ಥಿತರಿದ್ದರು. ಬೆಂಗಳೂರಿನ ಸ್ಪೀಚ್ ಅಂಡ್ ಹಿಯರಿಂಗ್ ಸಂಸ್ಥೆ ಮುಖಾಂತರ 0–15 ವರ್ಷದ ಮಕ್ಕಳ ಶ್ರವಣ ದೋಷ ಪರೀಕ್ಷೆ ನಡೆಸಲಾಗುತ್ತಿದೆ. ಪ್ರಾ�ణತಿಗಳಿಗಾಗಿ ನಮ್ಮ ಸಹಯೋಗಾನವಿದೆ. ಜನಪ್ರತಿನಿಧಿಗಳು ಮತ್ತು ಸರ್ವಜನರು ಉಪಸ್ಥಿತರಿದ್ದರು. ಬೆಂಗಳೂರಿನ ಸ್ಪೀಚ್ ಅಂಡ್ ಹಿಯರಿಂಗ್ ಸಂಸ್ಥೆ ಮುಖಾಂತರ 0–15 ವರ್ಷದ ಮಕ್ಕಳ ಶ್ರವಣ ದೋಷ ಪರೀಕ್ಷೆ ನಡೆಸಲಾಗುತ್ತಿದೆ.
ಫೌಂಡೇಶನ್ ಸಹಯೋಗದಲ್ಲಿ ಮುಂದಿನ ಮೂರು ವರ್ಷಗಳ ಕಾಲ ತುಮಕೂರು ಜಿಲ್ಲೆಯ ತಾಲೂಕುಗಳಲ್ಲಿ 284 ಹಳ್ಳಿಗಳ 0–15 ವರ್ಷ ವಯಸ್ಸಿನ ಮಕ್ಕಳಿಗೆ ಉಚಿತ ತಪಾಸಣೆ ಮತ್ತು ಚಿಕಿತ್ಸೆ ರೂ 2.06 ಕೋಟಿ ವೆಚ್ಚದಲ್ಲಿ ನಡೆಯಲಿದೆ. ಫೌಂಡೇಶನ್ ಸಹಯೋಗದಲ್ಲಿ ಮುಂದಿನ ಮೂರು ವರ್ಷಗಳ ಕಾಲ ತುಮಕೂರು ಜಿಲ್ಲೆಯ ತಾಲೂಕುಗಳಲ್ಲಿ 284 ಹಳ್ಳಿಗಳ 0–15 ವರ್ಷ ವಯಸ್ಸಿನ ಮಕ್ಕಳಿಗೆ ಉಚಿತ ತಪಾಸಣೆ ಮತ್ತು ಚಿಕಿತ್ಸೆ ರೂ 2.06 ಕೋಟಿ ವೆಚ್ಚದಲ್ಲಿ ನಡೆಯಲಿದೆ. ಫೌಂಡೇಶನ್ ಸಹಯೋಗದಲ್ಲಿ ಮುಂದಿನ ಮೂರು ವರ್ಷಗಳ ಕಾಲ ತುಮಕೂರು ಜಿಲ್ಲೆಯ ತಾಲೂಕುಗಳಲ್ಲಿ 284 ಹಳ್ಳಿಗಳ 0–15 ವರ್ಷ ವಯಸ್ಸಿನ ಮಕ್ಕಳಿಗೆ ಉಚಿತ ತಪಾಸಣೆ ಮತ್ತು ಚಿಕಿತ್ಸೆ ರೂ 2.06 ಕೋಟಿ ವೆಚ್ಚದಲ್ಲಿ ನಡೆಯಲಿದೆ. ಫೌಂಡೇಶನ್ ಸಹಯೋಗದಲ್ಲಿ ಮುಂದಿನ ಮೂರು ವರ್ಷಗಳ ಕಾಲ ತುಮಕೂರು ಜಿಲ್ಲೆಯ ತಾಲೂಕುಗಳಲ್ಲಿ 284 ಹಳ್ಳಿಗಳ 0–15 ವರ್ಷ ವಯಸ್ಸಿನ ಮಕ್ಕಳಿಗೆ ಉಚಿತ ತಪಾಸಣೆ ಮತ್ತು ಚಿಕಿತ್ಸೆ ರೂ 2.06 ಕೋಟಿ ವೆಚ್ಚದಲ್ಲಿ ನಡೆಯಲಿದೆ.
ಸುತ್ತಮುತ್ತಲಿನ ಮಧುಗಿರಿ, ಕೊರಟಗೆರೆ, ಗುಬ್ಬಿ ತಾಲೂಕುಗಳಲ್ಲಿ ಕಿವಿ.ಮೂಗು ಮತ್ತು ಗಂಟಲಿಗೆ ಸಂಬಂಧಿಸಿದಂತೆ ತಪಾಸಣೆ ಮತ್ತು ಚಿಕಿತ್ಸೆ ಸಹ ನಡೆಯುತ್ತಿದೆ. ಇಂತಹದ್ದೇ ಮತ್ತೊಂದು ಯೋಜನೆಯನ್ನು ಬೆಂಗಳೂರಿನ ಡಾ.ಎಸ್.ಆರ್.ಚಂದ್ರಶೇಖರ್ ಇನ್ಸ್‌ಟಿಟ್ಯೂಟ್ ವತಿಯಿಂದ ಹಮ್ಮಿಕೊಳ್ಳಲಾಗಿದೆ. ಸುತ್ತಮುತ್ತಲಿನ ಮಧುಗಿರಿ, ಕೊರಟಗೆರೆ, ಗುಬ್ಬಿ ತಾಲೂಕುಗಳಲ್ಲಿ ಕಿವಿ.ಮೂಗು ಮತ್ತು ಗಂಟಲಿಗೆ ಸಂಬಂಧಿಸಿದಂತೆ ತಪಾಸಣೆ ಮತ್ತು ಚಿಕಿತ್ಸೆ ಸಹ ನಡೆಯುತ್ತಿದೆ. ಇಂತಹದ್ದೇ ಮತ್ತೊಂದು ಯೋಜನೆಯನ್ನು ಬೆಂಗಳೂರಿನ ಡಾ.ಎಸ್.ಆರ್.ಚಂದ್ರಶೇಖರ್ ಇನ್ಸ್‌ಟಿಟ್ಯೂಟ್ ವತಿಯಿಂದ ಹಮ್ಮಿಕೊಳ್ಳಲಾಗಿದೆ. ಸುತ್ತಮುತ್ತಲಿನ ಮಧುಗಿರಿ, ಕೊರಟಗೆರೆ, ಗುಬ್ಬಿ ತಾಲೂಕುಗಳಲ್ಲಿ ಕಿವಿ.ಮೂಗು ಮತ್ತು ಗಂಟಲಿಗೆ ಸಂಬಂಧಿಸಿದಂತೆ ತಪಾಸಣೆ ಮತ್ತು ಚಿಕಿತ್ಸೆ ಸಹ ನಡೆಯುತ್ತಿದೆ. ಇಂತಹದ್ದೇ ಮತ್ತೊಂದು ಯೋಜನೆಯನ್ನು ಬೆಂಗಳೂರಿನ ಡಾ.ಎಸ್.ಆರ್.ಚಂದ್ರಶೇಖರ್ ಇನ್ಸ್‌ಟಿಟ್ಯೂಟ್ ವತಿಯಿಂದ ಹಮ್ಮಿಕೊಳ್ಳಲಾಗಿದೆ. ಸುತ್ತಮುತ್ತಲಿನ ಮಧುಗಿರಿ, ಕೊರಟಗೆರೆ, ಗುಬ್ಬಿ ತಾಲೂಕುಗಳಲ್ಲಿ ಕಿವಿ.ಮೂಗು ಮತ್ತು ಗಂಟಲಿಗೆ ಸಂಬಂಧಿಸಿದಂತೆ ತಪಾಸಣೆ ಮತ್ತು ಚಿಕಿತ್ಸೆ ಸಹ ನಡೆಯುತ್ತಿದೆ. ಇಂತಹದ್ದೇ ಮತ್ತೊಂದು ಯೋಜನೆಯನ್ನು ಬೆಂಗಳೂರಿನ ಡಾ.ಎಸ್.ಆರ್.ಚಂದ್ರಶೇಖರ್ ಇನ್ಸ್‌ಟಿಟ್ಯೂಟ್ ವತಿಯಿಂದ ಹಮ್ಮಿಕೊಳ್ಳಲಾಗಿದೆ.
